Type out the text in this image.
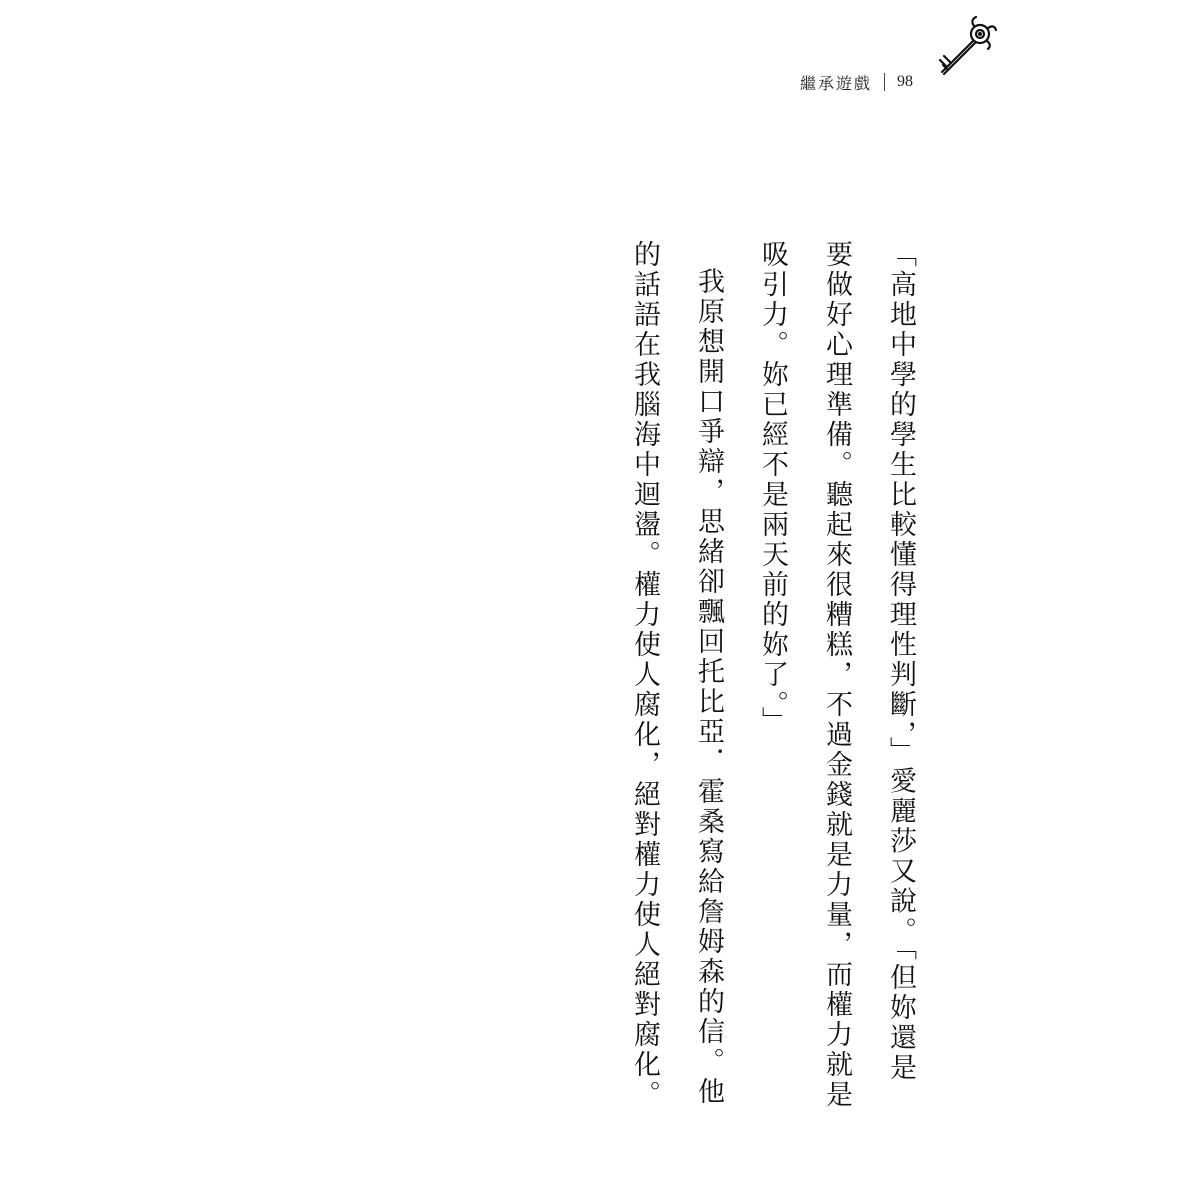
繼承遊戲 98

「高地中學的學生比較懂得理性判斷，」愛麗莎又說。「但妳還是要做好心理準備。聽起來很糟糕，不過金錢就是力量，而權力就是吸引力。妳已經不是兩天前的妳了。」

我原想開口爭辯，思緒卻飄回托比亞．霍桑寫給詹姆森的信。他的話語在我腦海中迴盪。權力使人腐化，絕對權力使人絕對腐化。
